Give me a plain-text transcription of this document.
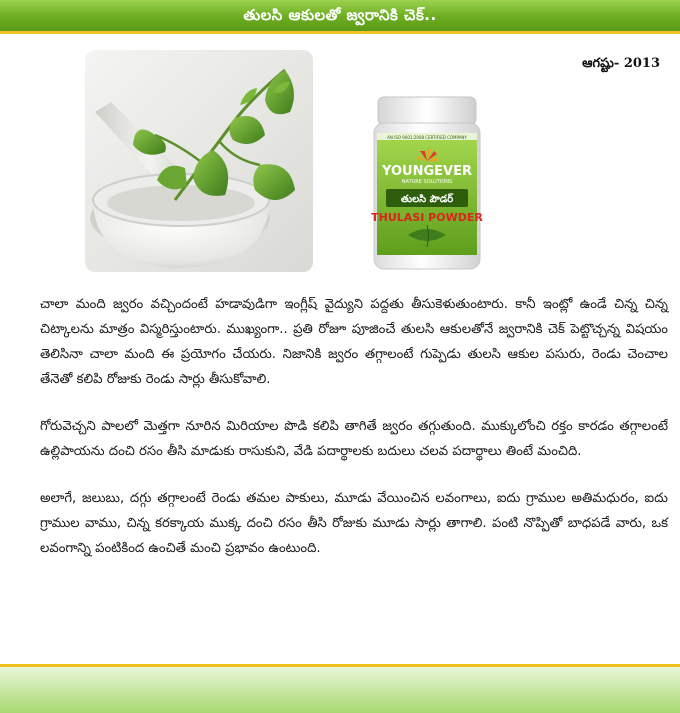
తులసి ఆకులతో జ్వరానికి చెక్..
ఆగష్టు- 2013
AN ISO 9001:2008 CERTIFIED COMPANY
YOUNGEVER
NATURE SOLUTIONS
తులసి పౌడర్
THULASI POWDER

చాలా మంది జ్వరం వచ్చిందంటే హడావుడిగా ఇంగ్లీష్ వైద్యుని పద్దతు తీసుకెళుతుంటారు. కానీ ఇంట్లో ఉండే చిన్న చిన్న చిట్కాలను మాత్రం విస్మరిస్తుంటారు. ముఖ్యంగా.. ప్రతి రోజూ పూజించే తులసి ఆకులతోనే జ్వరానికి చెక్ పెట్టొచ్చన్న విషయం తెలిసినా చాలా మంది ఈ ప్రయోగం చేయరు. నిజానికి జ్వరం తగ్గాలంటే గుప్పెడు తులసి ఆకుల పసురు, రెండు చెంచాల తేనెతో కలిపి రోజుకు రెండు సార్లు తీసుకోవాలి.

గోరువెచ్చని పాలలో మెత్తగా నూరిన మిరియాల పొడి కలిపి తాగితే జ్వరం తగ్గుతుంది. ముక్కులోంచి రక్తం కారడం తగ్గాలంటే ఉల్లిపాయను దంచి రసం తీసి మాడుకు రాసుకుని, వేడి పదార్థాలకు బదులు చలవ పదార్థాలు తింటే మంచిది.

అలాగే, జలుబు, దగ్గు తగ్గాలంటే రెండు తమల పాకులు, మూడు వేయించిన లవంగాలు, ఐదు గ్రాముల అతిమధురం, ఐదు గ్రాముల వాము, చిన్న కరక్కాయ ముక్క దంచి రసం తీసి రోజుకు మూడు సార్లు తాగాలి. పంటి నొప్పితో బాధపడే వారు, ఒక లవంగాన్ని పంటికింద ఉంచితే మంచి ప్రభావం ఉంటుంది.
